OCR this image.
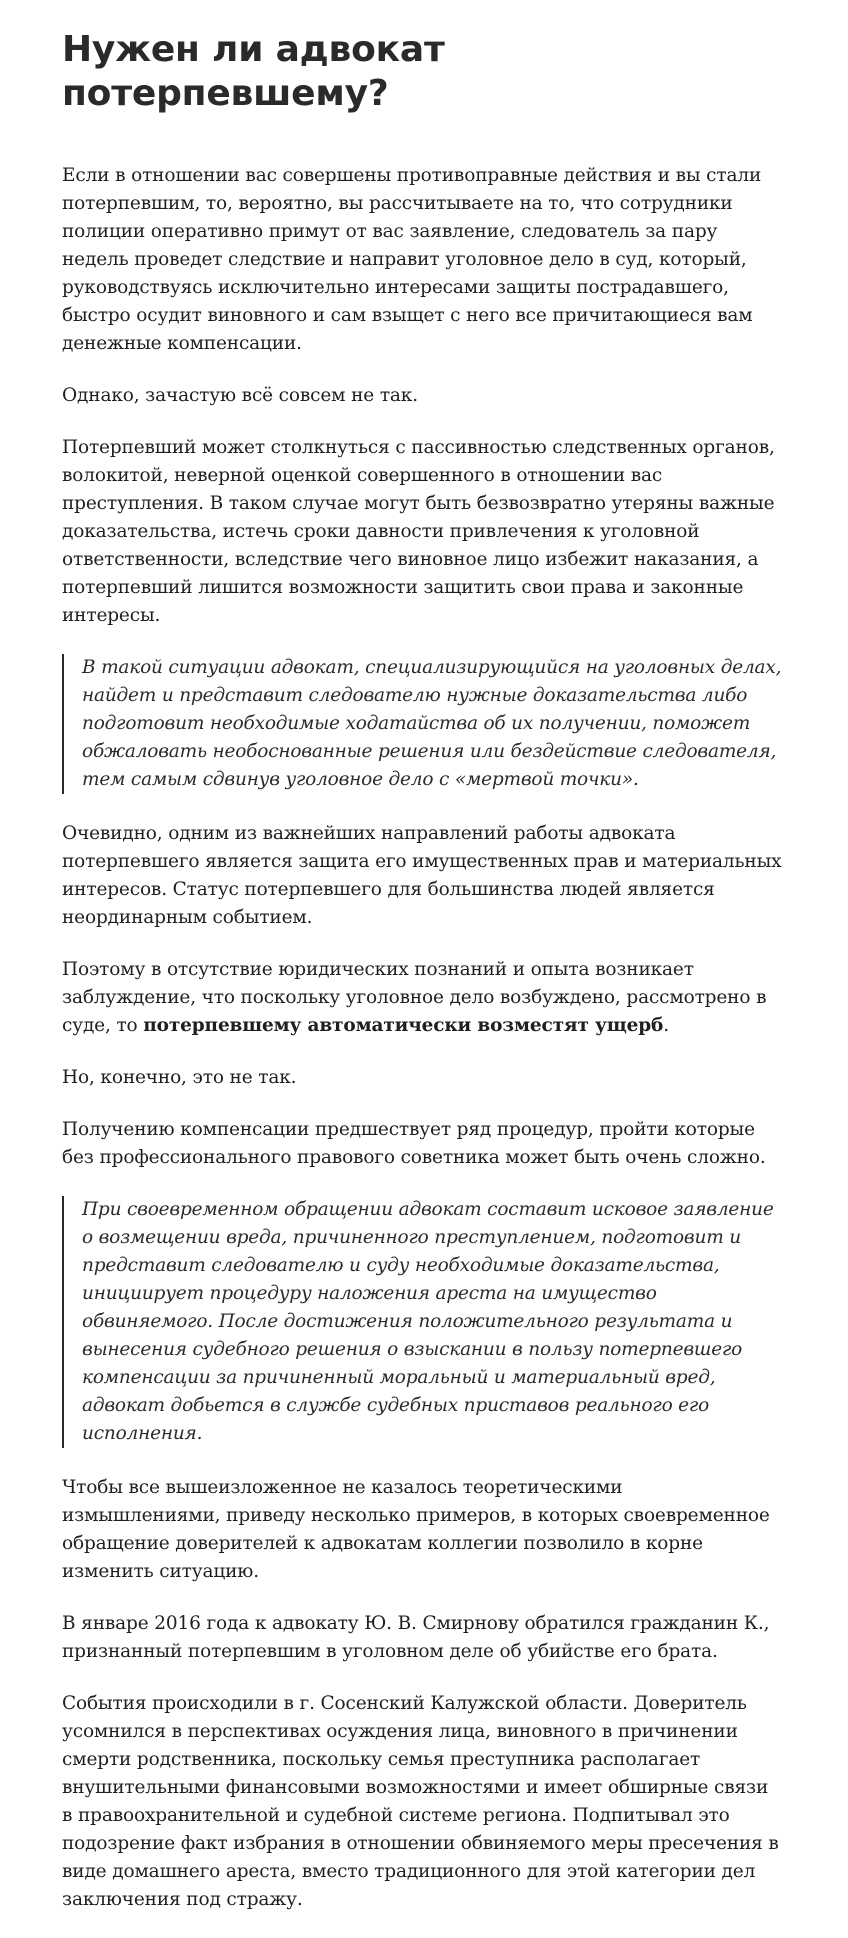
Нужен ли адвокат потерпевшему?

Если в отношении вас совершены противоправные действия и вы стали потерпевшим, то, вероятно, вы рассчитываете на то, что сотрудники полиции оперативно примут от вас заявление, следователь за пару недель проведет следствие и направит уголовное дело в суд, который, руководствуясь исключительно интересами защиты пострадавшего, быстро осудит виновного и сам взыщет с него все причитающиеся вам денежные компенсации.

Однако, зачастую всё совсем не так.

Потерпевший может столкнуться с пассивностью следственных органов, волокитой, неверной оценкой совершенного в отношении вас преступления. В таком случае могут быть безвозвратно утеряны важные доказательства, истечь сроки давности привлечения к уголовной ответственности, вследствие чего виновное лицо избежит наказания, а потерпевший лишится возможности защитить свои права и законные интересы.

В такой ситуации адвокат, специализирующийся на уголовных делах, найдет и представит следователю нужные доказательства либо подготовит необходимые ходатайства об их получении, поможет обжаловать необоснованные решения или бездействие следователя, тем самым сдвинув уголовное дело с «мертвой точки».

Очевидно, одним из важнейших направлений работы адвоката потерпевшего является защита его имущественных прав и материальных интересов. Статус потерпевшего для большинства людей является неординарным событием.

Поэтому в отсутствие юридических познаний и опыта возникает заблуждение, что поскольку уголовное дело возбуждено, рассмотрено в суде, то потерпевшему автоматически возместят ущерб.

Но, конечно, это не так.

Получению компенсации предшествует ряд процедур, пройти которые без профессионального правового советника может быть очень сложно.

При своевременном обращении адвокат составит исковое заявление о возмещении вреда, причиненного преступлением, подготовит и представит следователю и суду необходимые доказательства, инициирует процедуру наложения ареста на имущество обвиняемого. После достижения положительного результата и вынесения судебного решения о взыскании в пользу потерпевшего компенсации за причиненный моральный и материальный вред, адвокат добьется в службе судебных приставов реального его исполнения.

Чтобы все вышеизложенное не казалось теоретическими измышлениями, приведу несколько примеров, в которых своевременное обращение доверителей к адвокатам коллегии позволило в корне изменить ситуацию.

В январе 2016 года к адвокату Ю. В. Смирнову обратился гражданин К., признанный потерпевшим в уголовном деле об убийстве его брата.

События происходили в г. Сосенский Калужской области. Доверитель усомнился в перспективах осуждения лица, виновного в причинении смерти родственника, поскольку семья преступника располагает внушительными финансовыми возможностями и имеет обширные связи в правоохранительной и судебной системе региона. Подпитывал это подозрение факт избрания в отношении обвиняемого меры пресечения в виде домашнего ареста, вместо традиционного для этой категории дел заключения под стражу.
